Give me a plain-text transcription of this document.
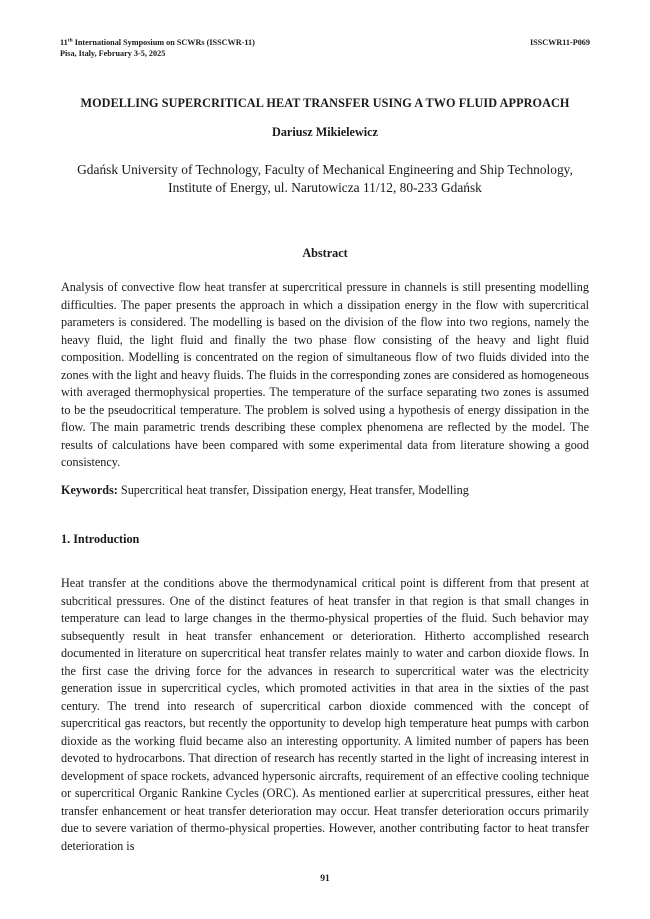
11th International Symposium on SCWRs (ISSCWR-11)
Pisa, Italy, February 3-5, 2025
ISSCWR11-P069
MODELLING SUPERCRITICAL HEAT TRANSFER USING A TWO FLUID APPROACH
Dariusz Mikielewicz
Gdańsk University of Technology, Faculty of Mechanical Engineering and Ship Technology, Institute of Energy, ul. Narutowicza 11/12, 80-233 Gdańsk
Abstract

Analysis of convective flow heat transfer at supercritical pressure in channels is still presenting modelling difficulties. The paper presents the approach in which a dissipation energy in the flow with supercritical parameters is considered. The modelling is based on the division of the flow into two regions, namely the heavy fluid, the light fluid and finally the two phase flow consisting of the heavy and light fluid composition. Modelling is concentrated on the region of simultaneous flow of two fluids divided into the zones with the light and heavy fluids. The fluids in the corresponding zones are considered as homogeneous with averaged thermophysical properties. The temperature of the surface separating two zones is assumed to be the pseudocritical temperature. The problem is solved using a hypothesis of energy dissipation in the flow. The main parametric trends describing these complex phenomena are reflected by the model. The results of calculations have been compared with some experimental data from literature showing a good consistency.

Keywords: Supercritical heat transfer, Dissipation energy, Heat transfer, Modelling

1. Introduction

Heat transfer at the conditions above the thermodynamical critical point is different from that present at subcritical pressures. One of the distinct features of heat transfer in that region is that small changes in temperature can lead to large changes in the thermo-physical properties of the fluid. Such behavior may subsequently result in heat transfer enhancement or deterioration. Hitherto accomplished research documented in literature on supercritical heat transfer relates mainly to water and carbon dioxide flows. In the first case the driving force for the advances in research to supercritical water was the electricity generation issue in supercritical cycles, which promoted activities in that area in the sixties of the past century. The trend into research of supercritical carbon dioxide commenced with the concept of supercritical gas reactors, but recently the opportunity to develop high temperature heat pumps with carbon dioxide as the working fluid became also an interesting opportunity. A limited number of papers has been devoted to hydrocarbons. That direction of research has recently started in the light of increasing interest in development of space rockets, advanced hypersonic aircrafts, requirement of an effective cooling technique or supercritical Organic Rankine Cycles (ORC). As mentioned earlier at supercritical pressures, either heat transfer enhancement or heat transfer deterioration may occur. Heat transfer deterioration occurs primarily due to severe variation of thermo-physical properties. However, another contributing factor to heat transfer deterioration is

91
